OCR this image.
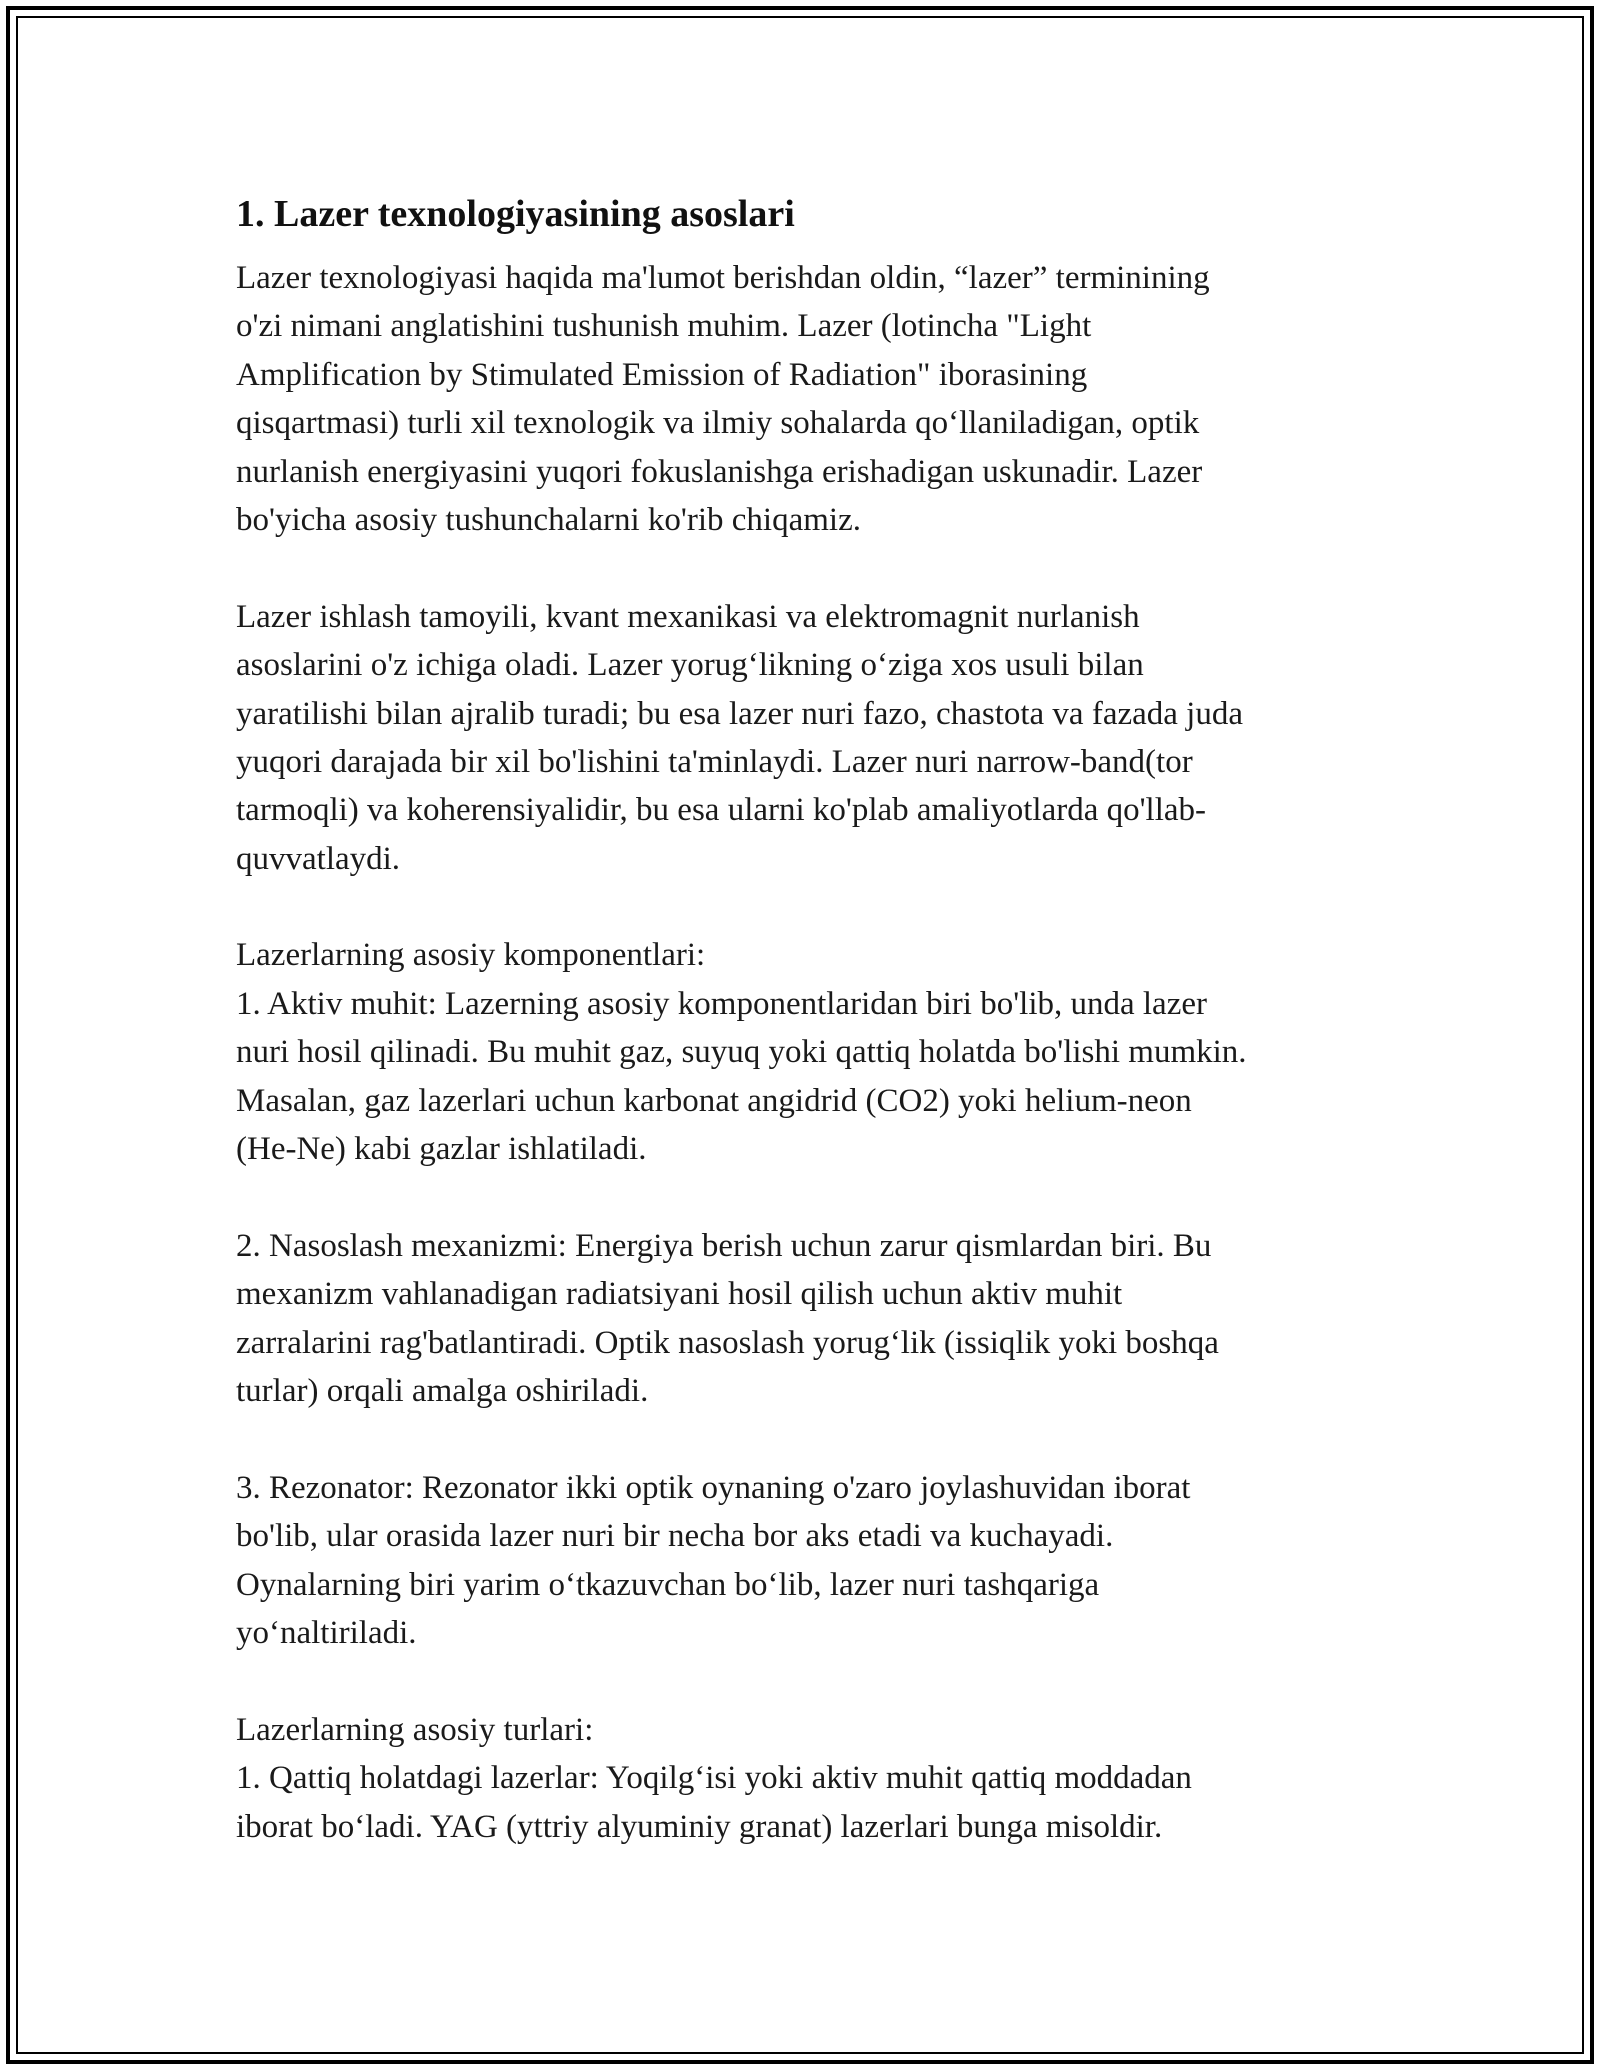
1. Lazer texnologiyasining asoslari
Lazer texnologiyasi haqida ma'lumot berishdan oldin, “lazer” terminining
o'zi nimani anglatishini tushunish muhim. Lazer (lotincha "Light
Amplification by Stimulated Emission of Radiation" iborasining
qisqartmasi) turli xil texnologik va ilmiy sohalarda qo‘llaniladigan, optik
nurlanish energiyasini yuqori fokuslanishga erishadigan uskunadir. Lazer
bo'yicha asosiy tushunchalarni ko'rib chiqamiz.
Lazer ishlash tamoyili, kvant mexanikasi va elektromagnit nurlanish
asoslarini o'z ichiga oladi. Lazer yorug‘likning o‘ziga xos usuli bilan
yaratilishi bilan ajralib turadi; bu esa lazer nuri fazo, chastota va fazada juda
yuqori darajada bir xil bo'lishini ta'minlaydi. Lazer nuri narrow-band(tor
tarmoqli) va koherensiyalidir, bu esa ularni ko'plab amaliyotlarda qo'llab-
quvvatlaydi.
Lazerlarning asosiy komponentlari:
1. Aktiv muhit: Lazerning asosiy komponentlaridan biri bo'lib, unda lazer
nuri hosil qilinadi. Bu muhit gaz, suyuq yoki qattiq holatda bo'lishi mumkin.
Masalan, gaz lazerlari uchun karbonat angidrid (CO2) yoki helium-neon
(He-Ne) kabi gazlar ishlatiladi.
2. Nasoslash mexanizmi: Energiya berish uchun zarur qismlardan biri. Bu
mexanizm vahlanadigan radiatsiyani hosil qilish uchun aktiv muhit
zarralarini rag'batlantiradi. Optik nasoslash yorug‘lik (issiqlik yoki boshqa
turlar) orqali amalga oshiriladi.
3. Rezonator: Rezonator ikki optik oynaning o'zaro joylashuvidan iborat
bo'lib, ular orasida lazer nuri bir necha bor aks etadi va kuchayadi.
Oynalarning biri yarim o‘tkazuvchan bo‘lib, lazer nuri tashqariga
yo‘naltiriladi.
Lazerlarning asosiy turlari:
1. Qattiq holatdagi lazerlar: Yoqilg‘isi yoki aktiv muhit qattiq moddadan
iborat bo‘ladi. YAG (yttriy alyuminiy granat) lazerlari bunga misoldir.
